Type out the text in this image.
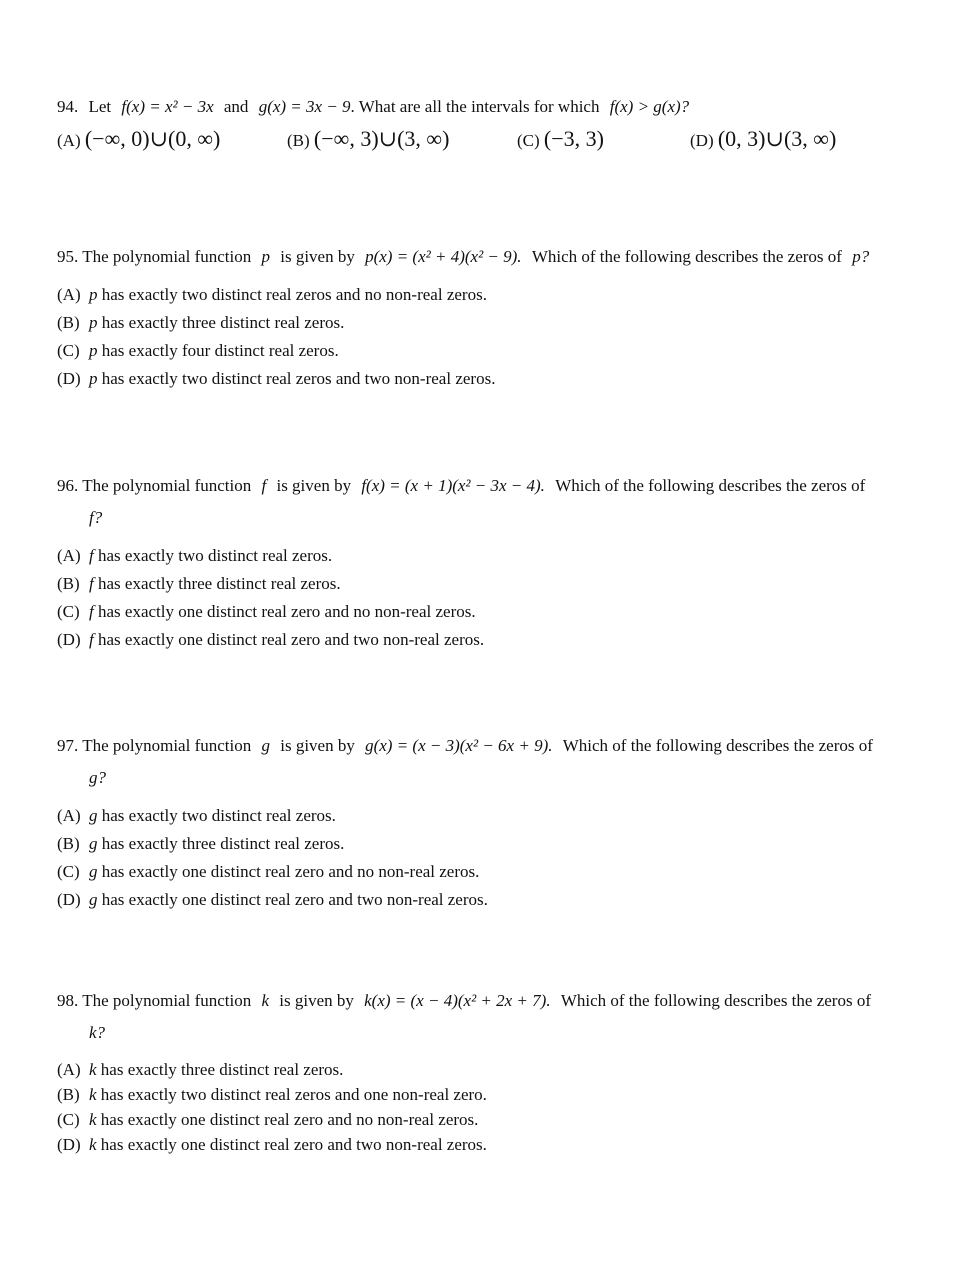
94. Let f(x) = x² − 3x and g(x) = 3x − 9. What are all the intervals for which f(x) > g(x)?
(A) (−∞, 0)∪(0, ∞)	(B) (−∞, 3)∪(3, ∞)	(C) (−3, 3)	(D) (0, 3)∪(3, ∞)
95. The polynomial function p is given by p(x) = (x² + 4)(x² − 9). Which of the following describes the zeros of p?
(A) p has exactly two distinct real zeros and no non-real zeros.
(B) p has exactly three distinct real zeros.
(C) p has exactly four distinct real zeros.
(D) p has exactly two distinct real zeros and two non-real zeros.
96. The polynomial function f is given by f(x) = (x + 1)(x² − 3x − 4). Which of the following describes the zeros of
f?
(A) f has exactly two distinct real zeros.
(B) f has exactly three distinct real zeros.
(C) f has exactly one distinct real zero and no non-real zeros.
(D) f has exactly one distinct real zero and two non-real zeros.
97. The polynomial function g is given by g(x) = (x − 3)(x² − 6x + 9). Which of the following describes the zeros of
g?
(A) g has exactly two distinct real zeros.
(B) g has exactly three distinct real zeros.
(C) g has exactly one distinct real zero and no non-real zeros.
(D) g has exactly one distinct real zero and two non-real zeros.
98. The polynomial function k is given by k(x) = (x − 4)(x² + 2x + 7). Which of the following describes the zeros of
k?
(A) k has exactly three distinct real zeros.
(B) k has exactly two distinct real zeros and one non-real zero.
(C) k has exactly one distinct real zero and no non-real zeros.
(D) k has exactly one distinct real zero and two non-real zeros.
